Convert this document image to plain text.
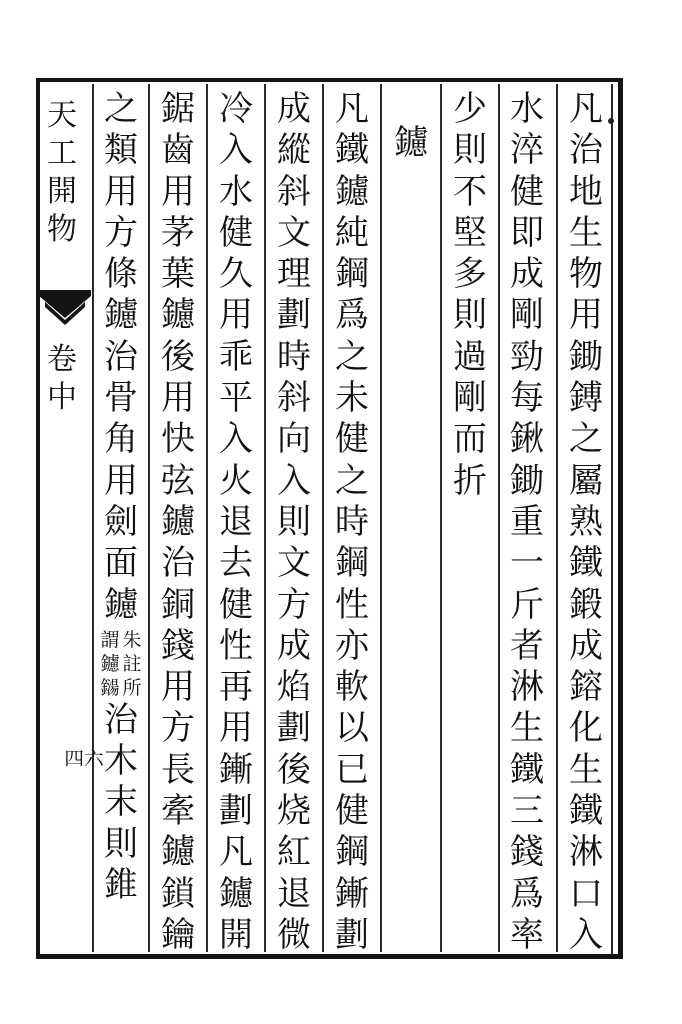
天
工
開
物
卷
中
四六
凡
治
地
生
物
用
鋤
鎛
之
屬
熟
鐵
鍛
成
鎔
化
生
鐵
淋
口
入
水
淬
健
即
成
剛
勁
每
鍬
鋤
重
一
斤
者
淋
生
鐵
三
錢
爲
率
少
則
不
堅
多
則
過
剛
而
折
鑢
凡
鐵
鑢
純
鋼
爲
之
未
健
之
時
鋼
性
亦
軟
以
已
健
鋼
鏩
劃
成
縱
斜
文
理
劃
時
斜
向
入
則
文
方
成
焰
劃
後
烧
紅
退
微
冷
入
水
健
久
用
乖
平
入
火
退
去
健
性
再
用
鏩
劃
凡
鑢
開
鋸
齒
用
茅
葉
鑢
後
用
快
弦
鑢
治
銅
錢
用
方
長
牽
鑢
鎖
鑰
之
類
用
方
條
鑢
治
骨
角
用
劍
面
鑢
朱
註
所
謂
鑢
鐋
治
木
末
則
錐
